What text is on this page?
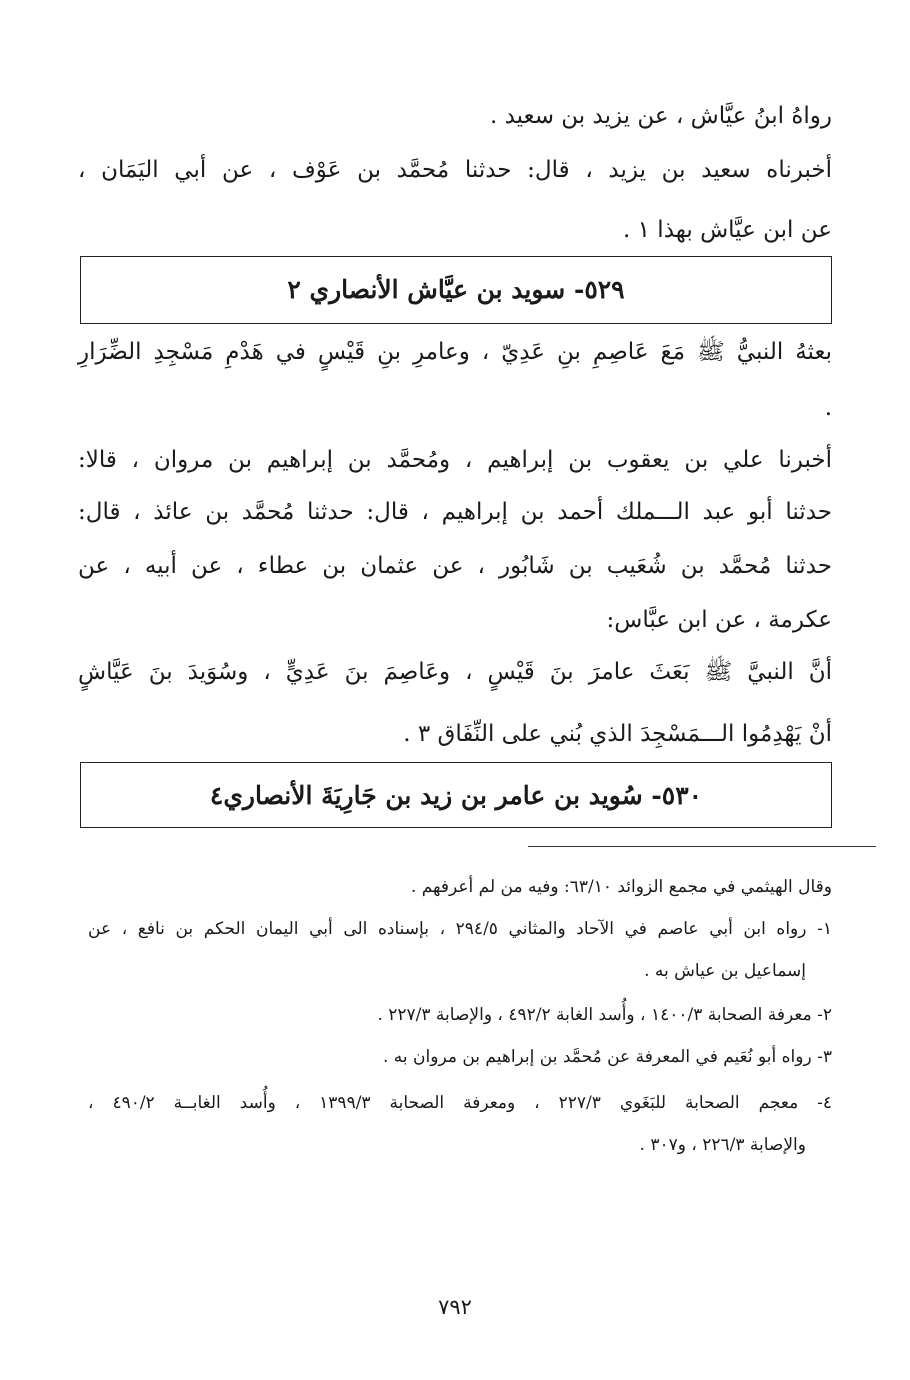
رواهُ ابنُ عيَّاش ، عن يزيد بن سعيد .
أخبرناه سعيد بن يزيد ، قال: حدثنا مُحمَّد بن عَوْف ، عن أبي اليَمَان ،
عن ابن عيَّاش بهذا ١ .
٥٢٩- سويد بن عيَّاش الأنصاري ٢
بعثهُ النبيُّ ﷺ مَعَ عَاصِمِ بنِ عَدِيّ ، وعامرِ بنِ قَيْسٍ في هَدْمِ مَسْجِدِ الضِّرَارِ
.
أخبرنا علي بن يعقوب بن إبراهيم ، ومُحمَّد بن إبراهيم بن مروان ، قالا:
حدثنا أبو عبد الـــملك أحمد بن إبراهيم ، قال: حدثنا مُحمَّد بن عائذ ، قال:
حدثنا مُحمَّد بن شُعَيب بن شَابُور ، عن عثمان بن عطاء ، عن أبيه ، عن
عكرمة ، عن ابن عبَّاس:
أنَّ النبيَّ ﷺ بَعَثَ عامرَ بنَ قَيْسٍ ، وعَاصِمَ بنَ عَدِيٍّ ، وسُوَيدَ بنَ عَيَّاشٍ
أنْ يَهْدِمُوا الـــمَسْجِدَ الذي بُني على النِّفَاق ٣ .
٥٣٠- سُويد بن عامر بن زيد بن جَارِيَةَ الأنصاري٤
وقال الهيثمي في مجمع الزوائد ٦٣/١٠: وفيه من لم أعرفهم .
١- رواه ابن أبي عاصم في الآحاد والمثاني ٢٩٤/٥ ، بإسناده الى أبي اليمان الحكم بن نافع ، عن
إسماعيل بن عياش به .
٢- معرفة الصحابة ١٤٠٠/٣ ، وأُسد الغابة ٤٩٢/٢ ، والإصابة ٢٢٧/٣ .
٣- رواه أبو نُعَيم في المعرفة عن مُحمَّد بن إبراهيم بن مروان به .
٤- معجم الصحابة للبَغَوي ٢٢٧/٣ ، ومعرفة الصحابة ١٣٩٩/٣ ، وأُسد الغابــة ٤٩٠/٢ ،
والإصابة ٢٢٦/٣ ، و٣٠٧ .
٧٩٢
